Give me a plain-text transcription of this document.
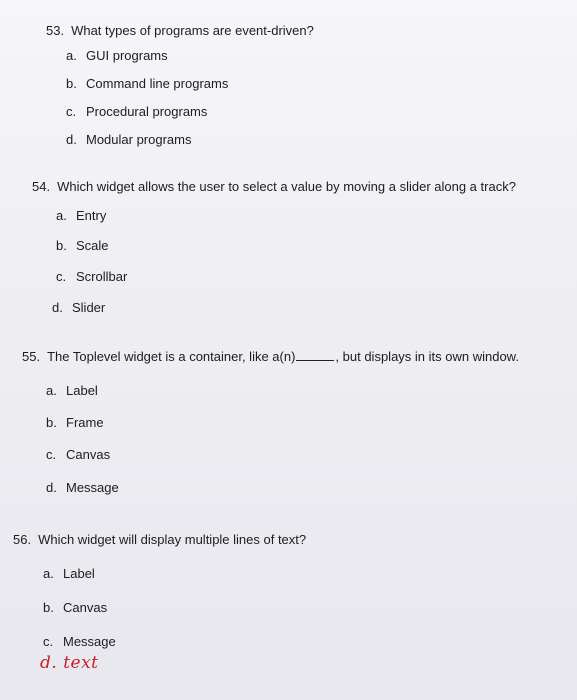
53. What types of programs are event-driven?
a. GUI programs
b. Command line programs
c. Procedural programs
d. Modular programs
54. Which widget allows the user to select a value by moving a slider along a track?
a. Entry
b. Scale
c. Scrollbar
d. Slider
55. The Toplevel widget is a container, like a(n)	, but displays in its own window.
a. Label
b. Frame
c. Canvas
d. Message
56. Which widget will display multiple lines of text?
a. Label
b. Canvas
c. Message
d. text
